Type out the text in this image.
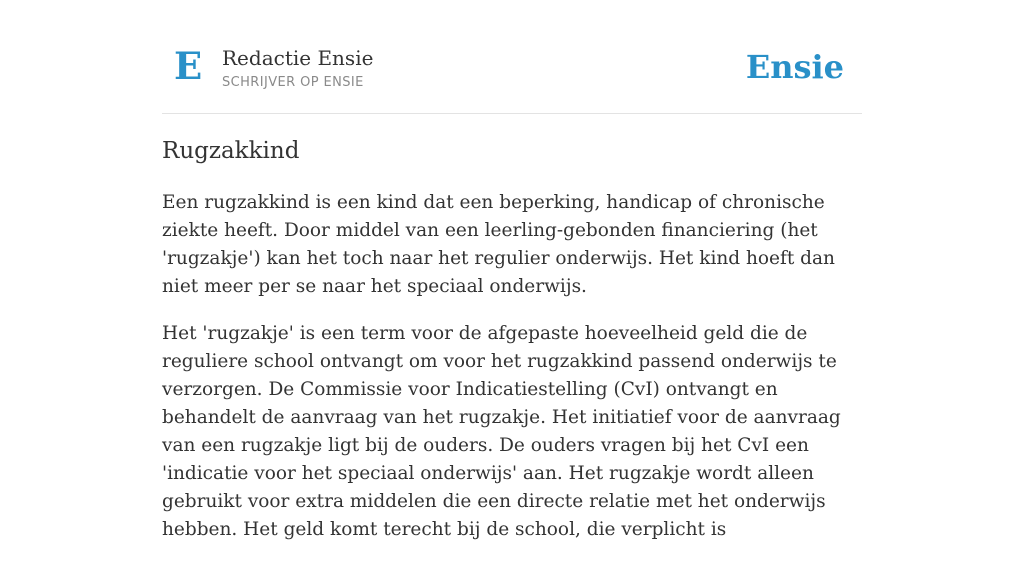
E Redactie Ensie
SCHRIJVER OP ENSIE	Ensie
Rugzakkind

Een rugzakkind is een kind dat een beperking, handicap of chronische ziekte heeft. Door middel van een leerling-gebonden financiering (het 'rugzakje') kan het toch naar het regulier onderwijs. Het kind hoeft dan niet meer per se naar het speciaal onderwijs.

Het 'rugzakje' is een term voor de afgepaste hoeveelheid geld die de reguliere school ontvangt om voor het rugzakkind passend onderwijs te verzorgen. De Commissie voor Indicatiestelling (CvI) ontvangt en behandelt de aanvraag van het rugzakje. Het initiatief voor de aanvraag van een rugzakje ligt bij de ouders. De ouders vragen bij het CvI een 'indicatie voor het speciaal onderwijs' aan. Het rugzakje wordt alleen gebruikt voor extra middelen die een directe relatie met het onderwijs hebben. Het geld komt terecht bij de school, die verplicht is
